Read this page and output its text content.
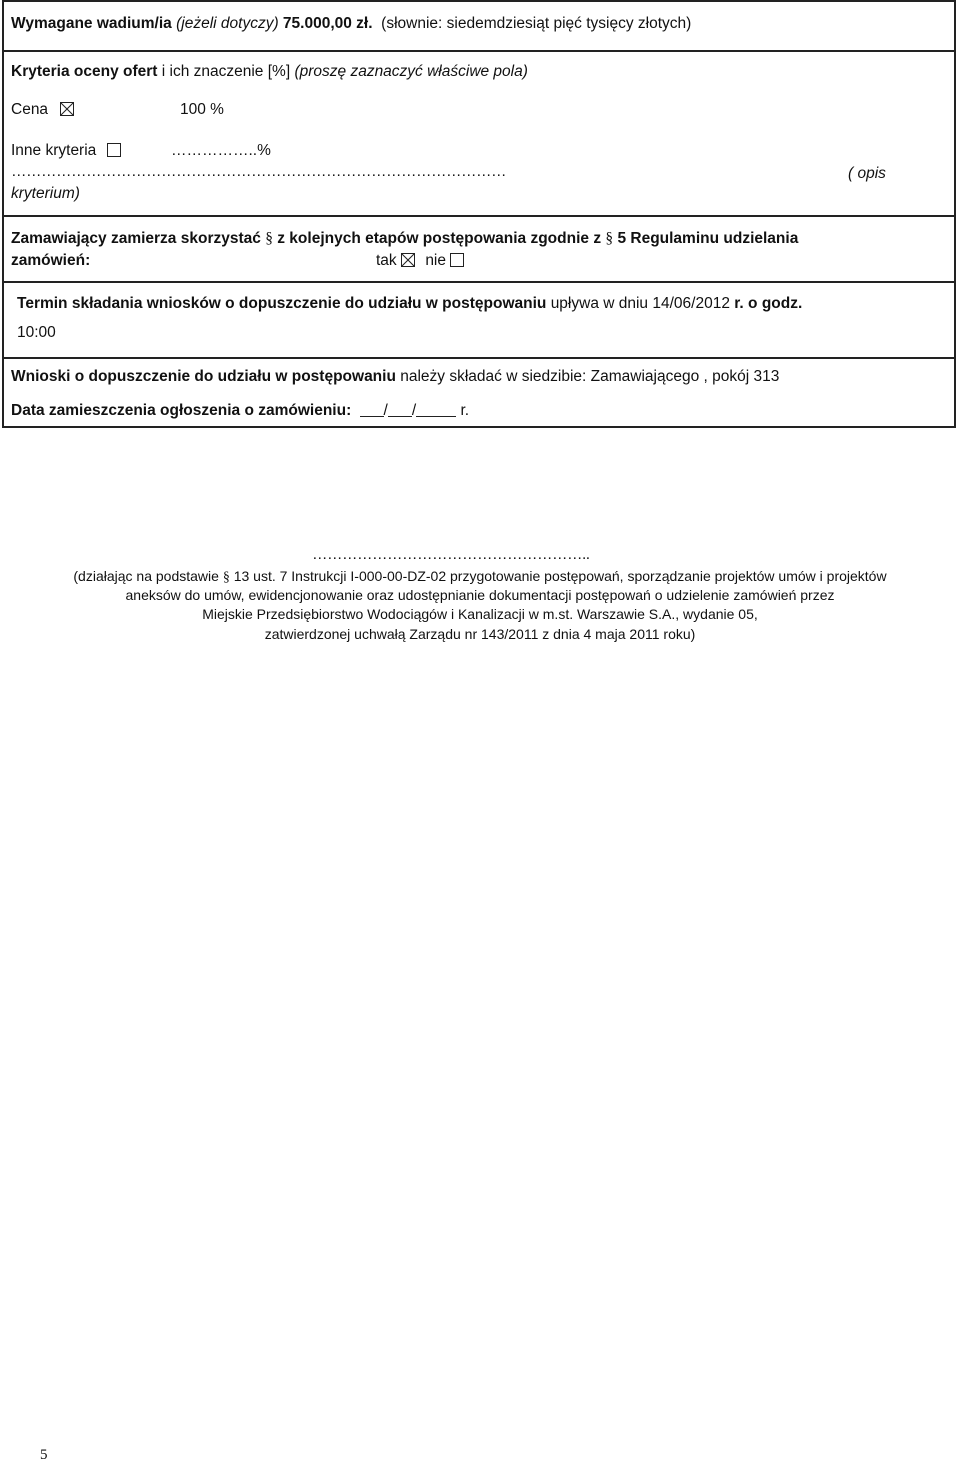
Wymagane wadium/ia (jeżeli dotyczy) 75.000,00 zł. (słownie: siedemdziesiąt pięć tysięcy złotych)
Kryteria oceny ofert i ich znaczenie [%] (proszę zaznaczyć właściwe pola)
Cena	100 %
Inne kryteria	……………..%
………………………………………………………………………………………	( opis
kryterium)
Zamawiający zamierza skorzystać § z kolejnych etapów postępowania zgodnie z § 5 Regulaminu udzielania
zamówień:	tak nie
Termin składania wniosków o dopuszczenie do udziału w postępowaniu upływa w dniu 14/06/2012 r. o godz.
10:00
Wnioski o dopuszczenie do udziału w postępowaniu należy składać w siedzibie: Zamawiającego , pokój 313
Data zamieszczenia ogłoszenia o zamówieniu: / /	r.
………………………………………………..
(działając na podstawie § 13 ust. 7 Instrukcji I-000-00-DZ-02 przygotowanie postępowań, sporządzanie projektów umów i projektów
aneksów do umów, ewidencjonowanie oraz udostępnianie dokumentacji postępowań o udzielenie zamówień przez
Miejskie Przedsiębiorstwo Wodociągów i Kanalizacji w m.st. Warszawie S.A., wydanie 05,
zatwierdzonej uchwałą Zarządu nr 143/2011 z dnia 4 maja 2011 roku)
5
